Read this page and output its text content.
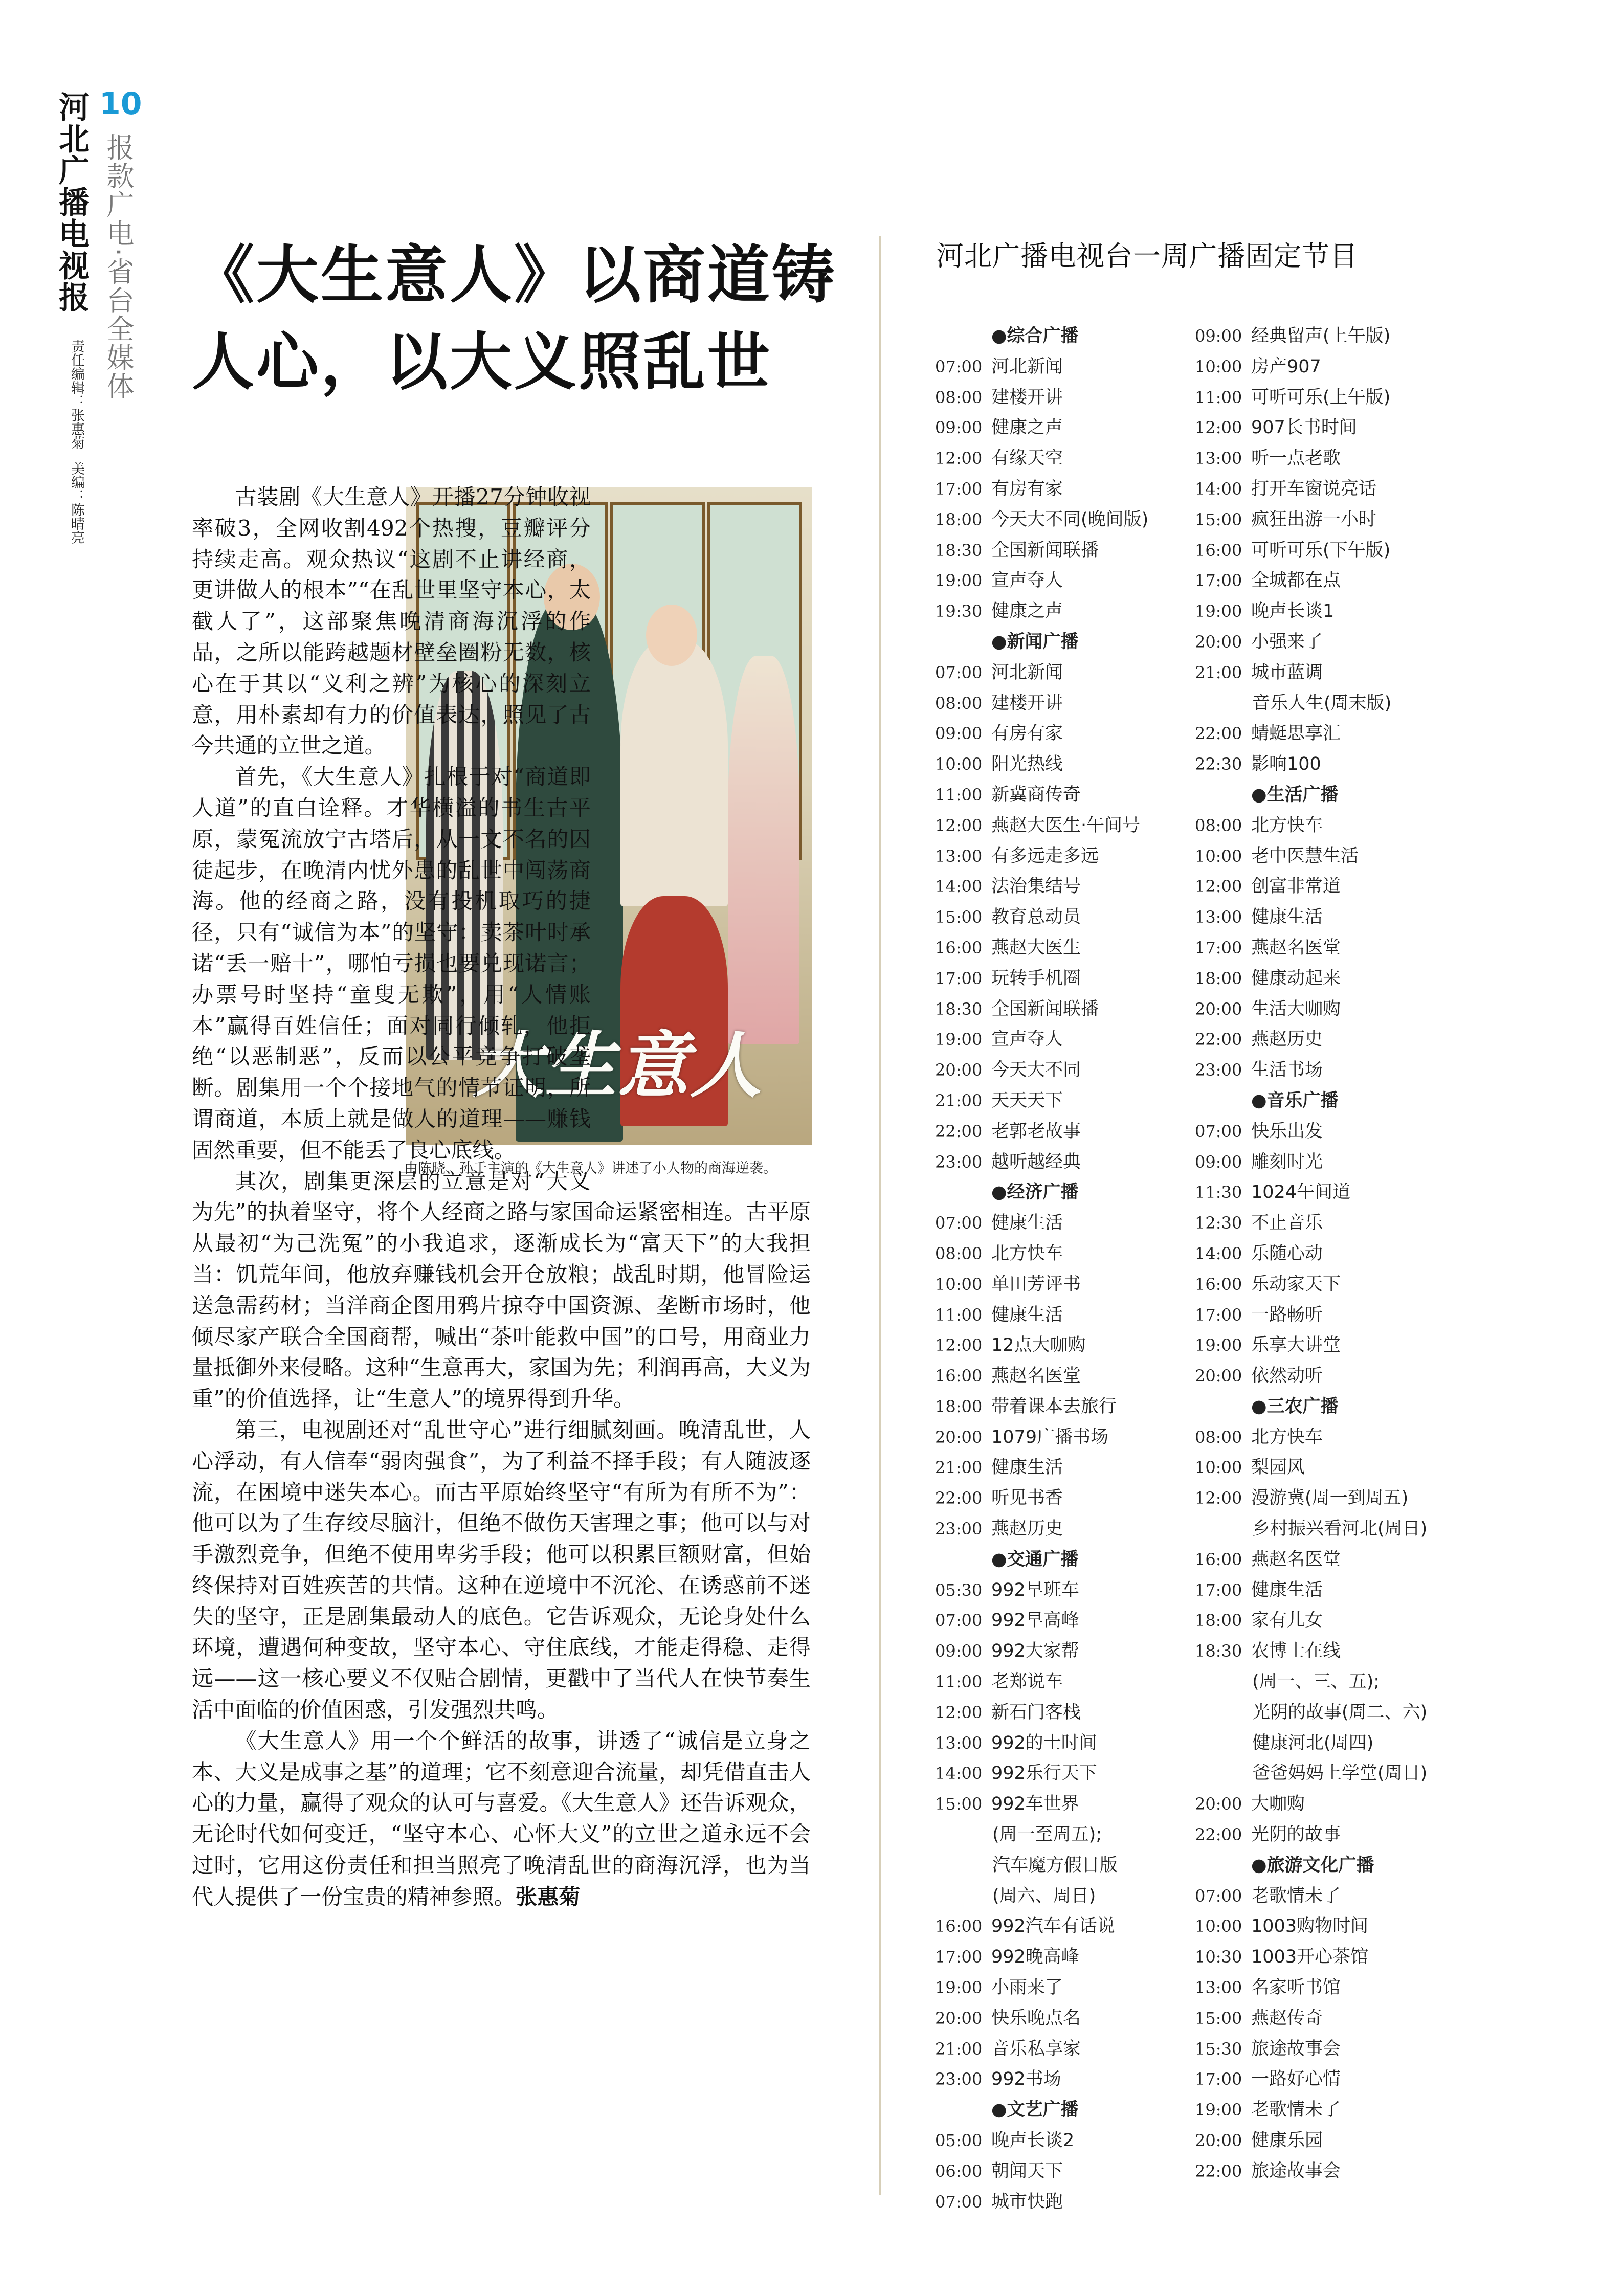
河北广播电视报 10
报款广电·省台全媒体
责任编辑：张惠菊 美编：陈晴亮
《大生意人》以商道铸
人心，以大义照乱世
大生意人
由陈晓、孙千主演的《大生意人》讲述了小人物的商海逆袭。

古装剧《大生意人》开播27分钟收视率破3，全网收割492个热搜，豆瓣评分持续走高。观众热议“这剧不止讲经商，更讲做人的根本”“在乱世里坚守本心，太截人了”，这部聚焦晚清商海沉浮的作品，之所以能跨越题材壁垒圈粉无数，核心在于其以“义利之辨”为核心的深刻立意，用朴素却有力的价值表达，照见了古今共通的立世之道。

首先，《大生意人》扎根于对“商道即人道”的直白诠释。才华横溢的书生古平原，蒙冤流放宁古塔后，从一文不名的囚徒起步，在晚清内忧外患的乱世中闯荡商海。他的经商之路，没有投机取巧的捷径，只有“诚信为本”的坚守：卖茶叶时承诺“丢一赔十”，哪怕亏损也要兑现诺言；办票号时坚持“童叟无欺”，用“人情账本”赢得百姓信任；面对同行倾轧，他拒绝“以恶制恶”，反而以公平竞争打破垄断。剧集用一个个接地气的情节证明，所谓商道，本质上就是做人的道理——赚钱固然重要，但不能丢了良心底线。

其次，剧集更深层的立意是对“大义为先”的执着坚守，将个人经商之路与家国命运紧密相连。古平原从最初“为己洗冤”的小我追求，逐渐成长为“富天下”的大我担当：饥荒年间，他放弃赚钱机会开仓放粮；战乱时期，他冒险运送急需药材；当洋商企图用鸦片掠夺中国资源、垄断市场时，他倾尽家产联合全国商帮，喊出“茶叶能救中国”的口号，用商业力量抵御外来侵略。这种“生意再大，家国为先；利润再高，大义为重”的价值选择，让“生意人”的境界得到升华。

第三，电视剧还对“乱世守心”进行细腻刻画。晚清乱世，人心浮动，有人信奉“弱肉强食”，为了利益不择手段；有人随波逐流，在困境中迷失本心。而古平原始终坚守“有所为有所不为”：他可以为了生存绞尽脑汁，但绝不做伤天害理之事；他可以与对手激烈竞争，但绝不使用卑劣手段；他可以积累巨额财富，但始终保持对百姓疾苦的共情。这种在逆境中不沉沦、在诱惑前不迷失的坚守，正是剧集最动人的底色。它告诉观众，无论身处什么环境，遭遇何种变故，坚守本心、守住底线，才能走得稳、走得远——这一核心要义不仅贴合剧情，更戳中了当代人在快节奏生活中面临的价值困惑，引发强烈共鸣。

《大生意人》用一个个鲜活的故事，讲透了“诚信是立身之本、大义是成事之基”的道理；它不刻意迎合流量，却凭借直击人心的力量，赢得了观众的认可与喜爱。《大生意人》还告诉观众，无论时代如何变迁，“坚守本心、心怀大义”的立世之道永远不会过时，它用这份责任和担当照亮了晚清乱世的商海沉浮，也为当代人提供了一份宝贵的精神参照。张惠菊

河北广播电视台一周广播固定节目
●综合广播
07:00 河北新闻
08:00 建楼开讲
09:00 健康之声
12:00 有缘天空
17:00 有房有家
18:00 今天大不同(晚间版)
18:30 全国新闻联播
19:00 宣声夺人
19:30 健康之声
●新闻广播
07:00 河北新闻
08:00 建楼开讲
09:00 有房有家
10:00 阳光热线
11:00 新冀商传奇
12:00 燕赵大医生·午间号
13:00 有多远走多远
14:00 法治集结号
15:00 教育总动员
16:00 燕赵大医生
17:00 玩转手机圈
18:30 全国新闻联播
19:00 宣声夺人
20:00 今天大不同
21:00 天天天下
22:00 老郭老故事
23:00 越听越经典
●经济广播
07:00 健康生活
08:00 北方快车
10:00 单田芳评书
11:00 健康生活
12:00 12点大咖购
16:00 燕赵名医堂
18:00 带着课本去旅行
20:00 1079广播书场
21:00 健康生活
22:00 听见书香
23:00 燕赵历史
●交通广播
05:30 992早班车
07:00 992早高峰
09:00 992大家帮
11:00 老郑说车
12:00 新石门客栈
13:00 992的士时间
14:00 992乐行天下
15:00 992车世界
(周一至周五);
汽车魔方假日版
(周六、周日)
16:00 992汽车有话说
17:00 992晚高峰
19:00 小雨来了
20:00 快乐晚点名
21:00 音乐私享家
23:00 992书场
●文艺广播
05:00 晚声长谈2
06:00 朝闻天下
07:00 城市快跑
09:00 经典留声(上午版)
10:00 房产907
11:00 可听可乐(上午版)
12:00 907长书时间
13:00 听一点老歌
14:00 打开车窗说亮话
15:00 疯狂出游一小时
16:00 可听可乐(下午版)
17:00 全城都在点
19:00 晚声长谈1
20:00 小强来了
21:00 城市蓝调
音乐人生(周末版)
22:00 蜻蜓思享汇
22:30 影响100
●生活广播
08:00 北方快车
10:00 老中医慧生活
12:00 创富非常道
13:00 健康生活
17:00 燕赵名医堂
18:00 健康动起来
20:00 生活大咖购
22:00 燕赵历史
23:00 生活书场
●音乐广播
07:00 快乐出发
09:00 雕刻时光
11:30 1024午间道
12:30 不止音乐
14:00 乐随心动
16:00 乐动家天下
17:00 一路畅听
19:00 乐享大讲堂
20:00 依然动听
●三农广播
08:00 北方快车
10:00 梨园风
12:00 漫游冀(周一到周五)
乡村振兴看河北(周日)
16:00 燕赵名医堂
17:00 健康生活
18:00 家有儿女
18:30 农博士在线
(周一、三、五);
光阴的故事(周二、六)
健康河北(周四)
爸爸妈妈上学堂(周日)
20:00 大咖购
22:00 光阴的故事
●旅游文化广播
07:00 老歌情未了
10:00 1003购物时间
10:30 1003开心茶馆
13:00 名家听书馆
15:00 燕赵传奇
15:30 旅途故事会
17:00 一路好心情
19:00 老歌情未了
20:00 健康乐园
22:00 旅途故事会
